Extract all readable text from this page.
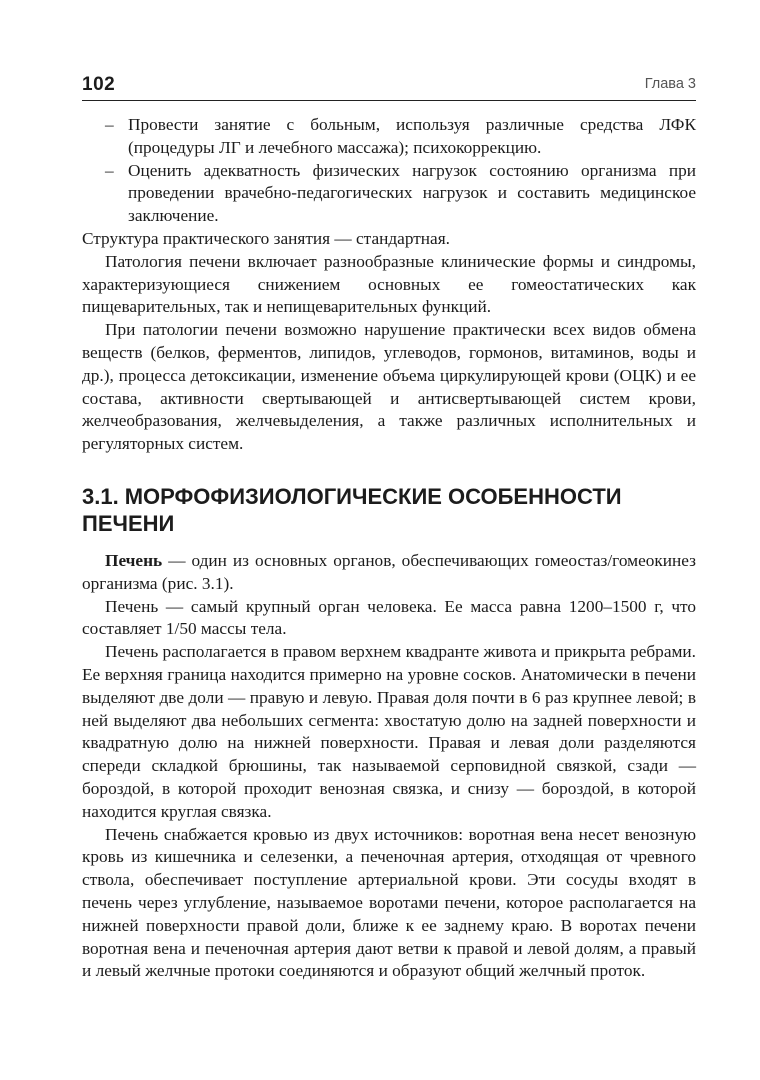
102	Глава 3
– Провести занятие с больным, используя различные средства ЛФК (процедуры ЛГ и лечебного массажа); психокоррекцию.
– Оценить адекватность физических нагрузок состоянию организма при проведении врачебно-педагогических нагрузок и составить медицинское заключение.

Структура практического занятия — стандартная.

Патология печени включает разнообразные клинические формы и синдромы, характеризующиеся снижением основных ее гомеостатических как пищеварительных, так и непищеварительных функций.

При патологии печени возможно нарушение практически всех видов обмена веществ (белков, ферментов, липидов, углеводов, гормонов, витаминов, воды и др.), процесса детоксикации, изменение объема циркулирующей крови (ОЦК) и ее состава, активности свертывающей и антисвертывающей систем крови, желчеобразования, желчевыделения, а также различных исполнительных и регуляторных систем.

3.1. МОРФОФИЗИОЛОГИЧЕСКИЕ ОСОБЕННОСТИ ПЕЧЕНИ

Печень — один из основных органов, обеспечивающих гомеостаз/гомеокинез организма (рис. 3.1).

Печень — самый крупный орган человека. Ее масса равна 1200–1500 г, что составляет 1/50 массы тела.

Печень располагается в правом верхнем квадранте живота и прикрыта ребрами. Ее верхняя граница находится примерно на уровне сосков. Анатомически в печени выделяют две доли — правую и левую. Правая доля почти в 6 раз крупнее левой; в ней выделяют два небольших сегмента: хвостатую долю на задней поверхности и квадратную долю на нижней поверхности. Правая и левая доли разделяются спереди складкой брюшины, так называемой серповидной связкой, сзади — бороздой, в которой проходит венозная связка, и снизу — бороздой, в которой находится круглая связка.

Печень снабжается кровью из двух источников: воротная вена несет венозную кровь из кишечника и селезенки, а печеночная артерия, отходящая от чревного ствола, обеспечивает поступление артериальной крови. Эти сосуды входят в печень через углубление, называемое воротами печени, которое располагается на нижней поверхности правой доли, ближе к ее заднему краю. В воротах печени воротная вена и печеночная артерия дают ветви к правой и левой долям, а правый и левый желчные протоки соединяются и образуют общий желчный проток.
